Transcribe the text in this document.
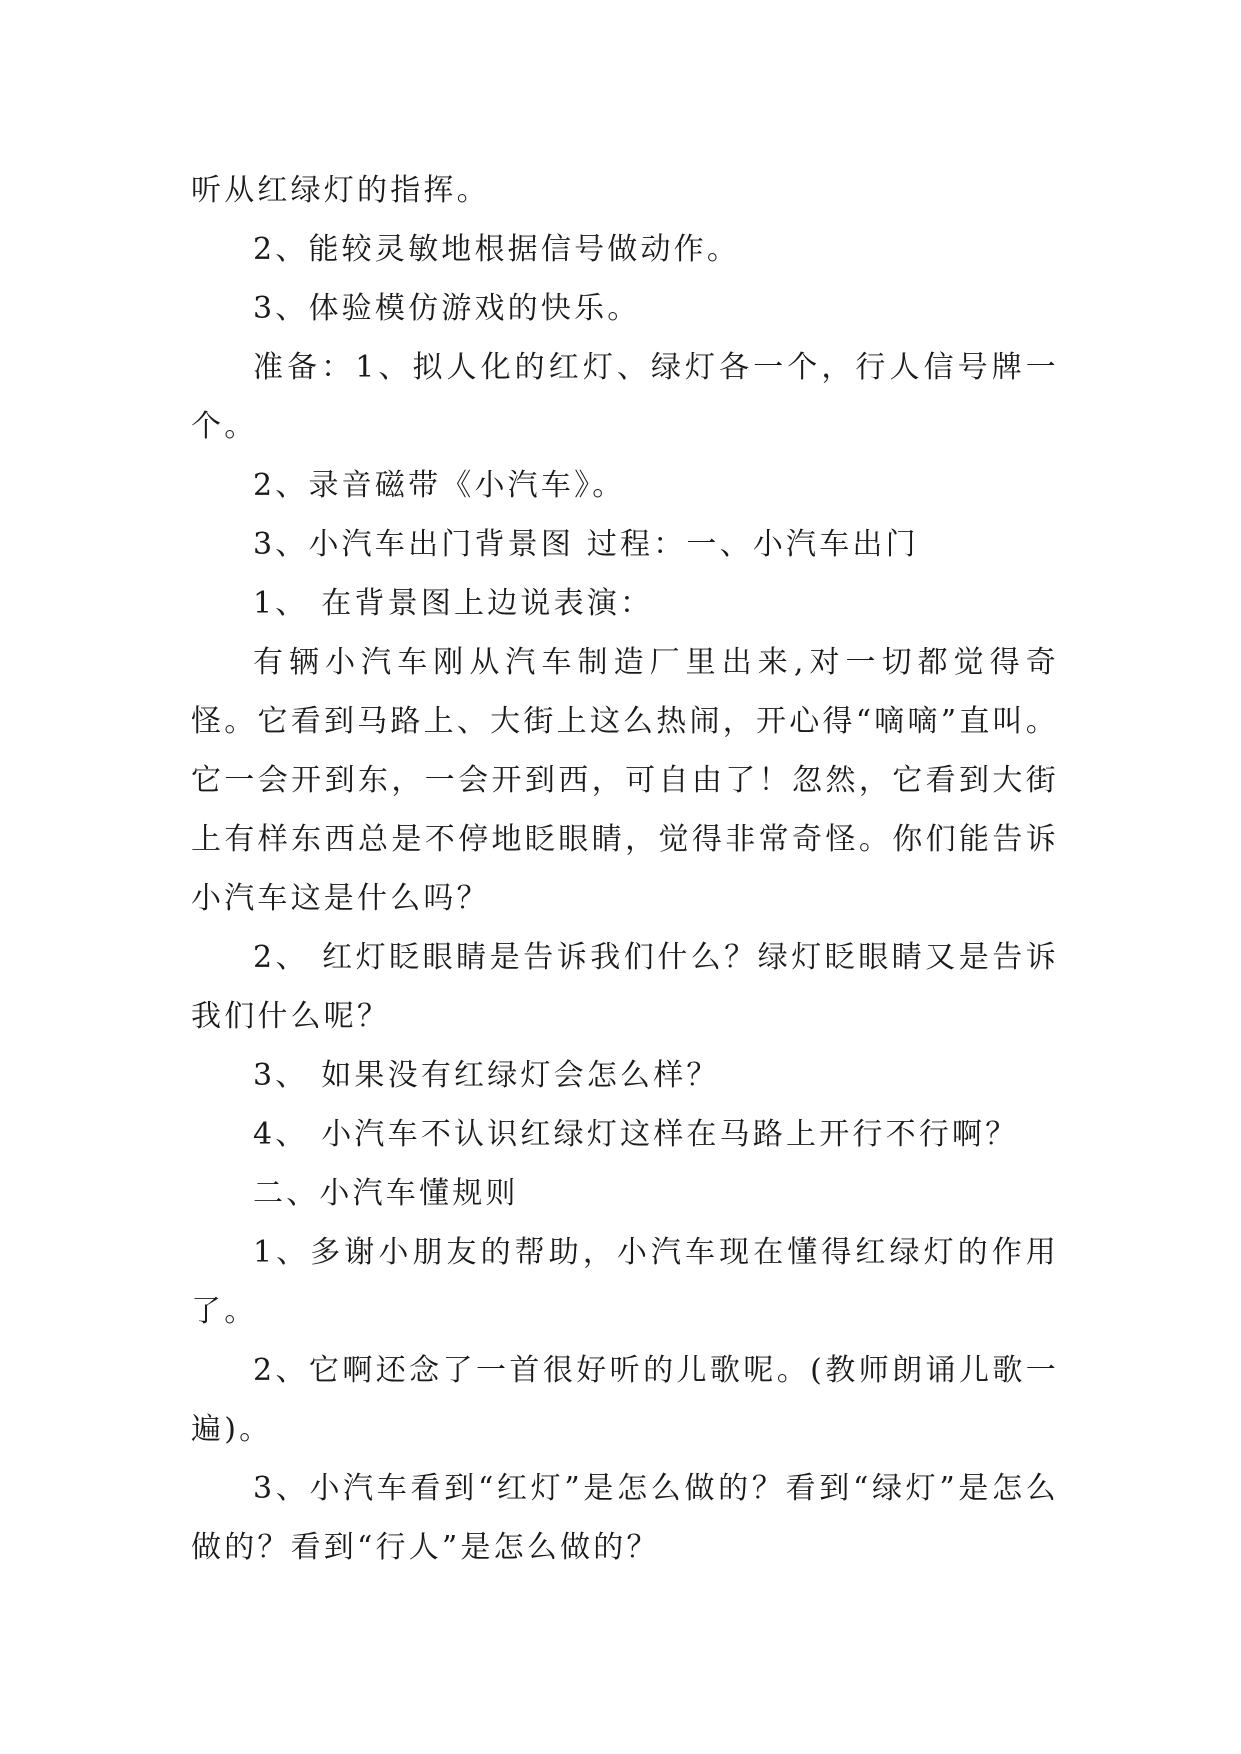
听从红绿灯的指挥。

2、能较灵敏地根据信号做动作。

3、体验模仿游戏的快乐。

准备：1、拟人化的红灯、绿灯各一个，行人信号牌一个。

2、录音磁带《小汽车》。

3、小汽车出门背景图 过程：一、小汽车出门

1、 在背景图上边说表演：

有辆小汽车刚从汽车制造厂里出来,对一切都觉得奇怪。它看到马路上、大街上这么热闹，开心得“嘀嘀”直叫。它一会开到东，一会开到西，可自由了！忽然，它看到大街上有样东西总是不停地眨眼睛，觉得非常奇怪。你们能告诉小汽车这是什么吗？

2、 红灯眨眼睛是告诉我们什么？绿灯眨眼睛又是告诉我们什么呢？

3、 如果没有红绿灯会怎么样？

4、 小汽车不认识红绿灯这样在马路上开行不行啊？

二、小汽车懂规则

1、多谢小朋友的帮助，小汽车现在懂得红绿灯的作用了。

2、它啊还念了一首很好听的儿歌呢。(教师朗诵儿歌一遍)。

3、小汽车看到“红灯”是怎么做的？看到“绿灯”是怎么做的？看到“行人”是怎么做的？
